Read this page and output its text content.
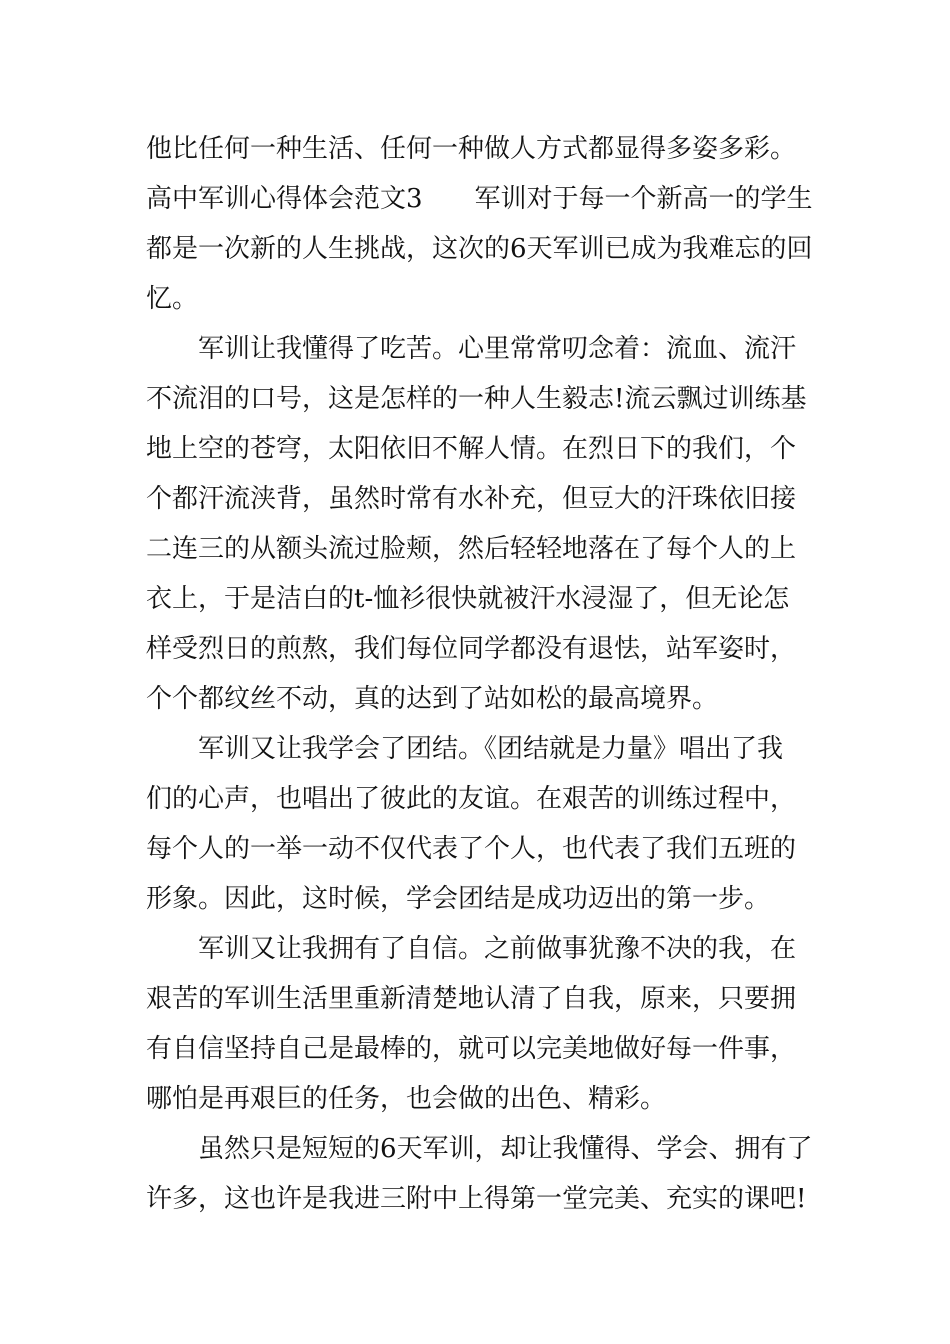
他比任何一种生活、任何一种做人方式都显得多姿多彩。
高中军训心得体会范文3　　军训对于每一个新高一的学生
都是一次新的人生挑战，这次的6天军训已成为我难忘的回
忆。
　　军训让我懂得了吃苦。心里常常叨念着：流血、流汗
不流泪的口号，这是怎样的一种人生毅志!流云飘过训练基
地上空的苍穹，太阳依旧不解人情。在烈日下的我们，个
个都汗流浃背，虽然时常有水补充，但豆大的汗珠依旧接
二连三的从额头流过脸颊，然后轻轻地落在了每个人的上
衣上，于是洁白的t-恤衫很快就被汗水浸湿了，但无论怎
样受烈日的煎熬，我们每位同学都没有退怯，站军姿时，
个个都纹丝不动，真的达到了站如松的最高境界。
　　军训又让我学会了团结。《团结就是力量》唱出了我
们的心声，也唱出了彼此的友谊。在艰苦的训练过程中，
每个人的一举一动不仅代表了个人，也代表了我们五班的
形象。因此，这时候，学会团结是成功迈出的第一步。
　　军训又让我拥有了自信。之前做事犹豫不决的我，在
艰苦的军训生活里重新清楚地认清了自我，原来，只要拥
有自信坚持自己是最棒的，就可以完美地做好每一件事，
哪怕是再艰巨的任务，也会做的出色、精彩。
　　虽然只是短短的6天军训，却让我懂得、学会、拥有了
许多，这也许是我进三附中上得第一堂完美、充实的课吧!
